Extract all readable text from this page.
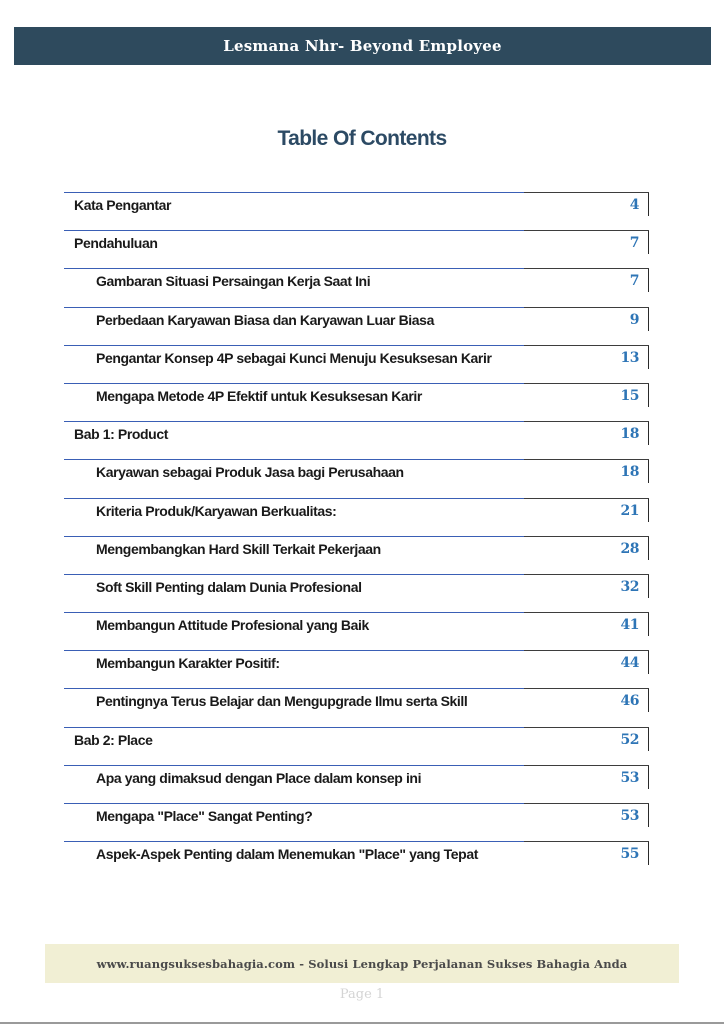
Lesmana Nhr- Beyond Employee
Table Of Contents
Kata Pengantar	4
Pendahuluan	7
Gambaran Situasi Persaingan Kerja Saat Ini	7
Perbedaan Karyawan Biasa dan Karyawan Luar Biasa	9
Pengantar Konsep 4P sebagai Kunci Menuju Kesuksesan Karir	13
Mengapa Metode 4P Efektif untuk Kesuksesan Karir	15
Bab 1: Product	18
Karyawan sebagai Produk Jasa bagi Perusahaan	18
Kriteria Produk/Karyawan Berkualitas:	21
Mengembangkan Hard Skill Terkait Pekerjaan	28
Soft Skill Penting dalam Dunia Profesional	32
Membangun Attitude Profesional yang Baik	41
Membangun Karakter Positif:	44
Pentingnya Terus Belajar dan Mengupgrade Ilmu serta Skill	46
Bab 2: Place	52
Apa yang dimaksud dengan Place dalam konsep ini	53
Mengapa "Place" Sangat Penting?	53
Aspek-Aspek Penting dalam Menemukan "Place" yang Tepat	55
www.ruangsuksesbahagia.com - Solusi Lengkap Perjalanan Sukses Bahagia Anda
Page 1
